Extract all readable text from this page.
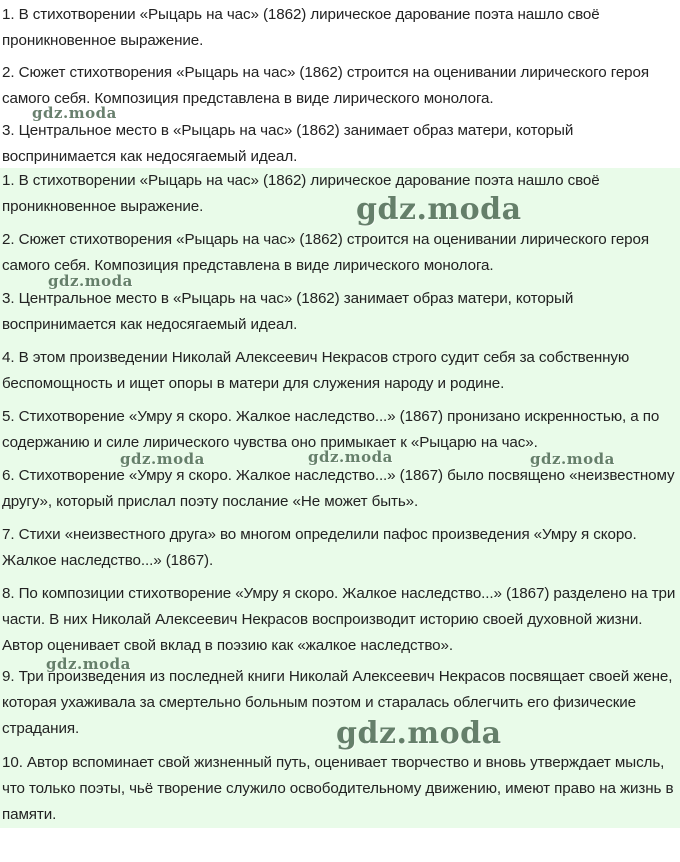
1. В стихотворении «Рыцарь на час» (1862) лирическое дарование поэта нашло своё проникновенное выражение.

2. Сюжет стихотворения «Рыцарь на час» (1862) строится на оценивании лирического героя самого себя. Композиция представлена в виде лирического монолога.

3. Центральное место в «Рыцарь на час» (1862) занимает образ матери, который воспринимается как недосягаемый идеал.

1. В стихотворении «Рыцарь на час» (1862) лирическое дарование поэта нашло своё проникновенное выражение.

2. Сюжет стихотворения «Рыцарь на час» (1862) строится на оценивании лирического героя самого себя. Композиция представлена в виде лирического монолога.

3. Центральное место в «Рыцарь на час» (1862) занимает образ матери, который воспринимается как недосягаемый идеал.

4. В этом произведении Николай Алексеевич Некрасов строго судит себя за собственную беспомощность и ищет опоры в матери для служения народу и родине.

5. Стихотворение «Умру я скоро. Жалкое наследство...» (1867) пронизано искренностью, а по содержанию и силе лирического чувства оно примыкает к «Рыцарю на час».

6. Стихотворение «Умру я скоро. Жалкое наследство...» (1867) было посвящено «неизвестному другу», который прислал поэту послание «Не может быть».

7. Стихи «неизвестного друга» во многом определили пафос произведения «Умру я скоро. Жалкое наследство...» (1867).

8. По композиции стихотворение «Умру я скоро. Жалкое наследство...» (1867) разделено на три части. В них Николай Алексеевич Некрасов воспроизводит историю своей духовной жизни. Автор оценивает свой вклад в поэзию как «жалкое наследство».

9. Три произведения из последней книги Николай Алексеевич Некрасов посвящает своей жене, которая ухаживала за смертельно больным поэтом и старалась облегчить его физические страдания.

10. Автор вспоминает свой жизненный путь, оценивает творчество и вновь утверждает мысль, что только поэты, чьё творение служило освободительному движению, имеют право на жизнь в памяти.

gdz.moda
gdz.moda
gdz.moda
gdz.moda	gdz.moda	gdz.moda
gdz.moda
gdz.moda
